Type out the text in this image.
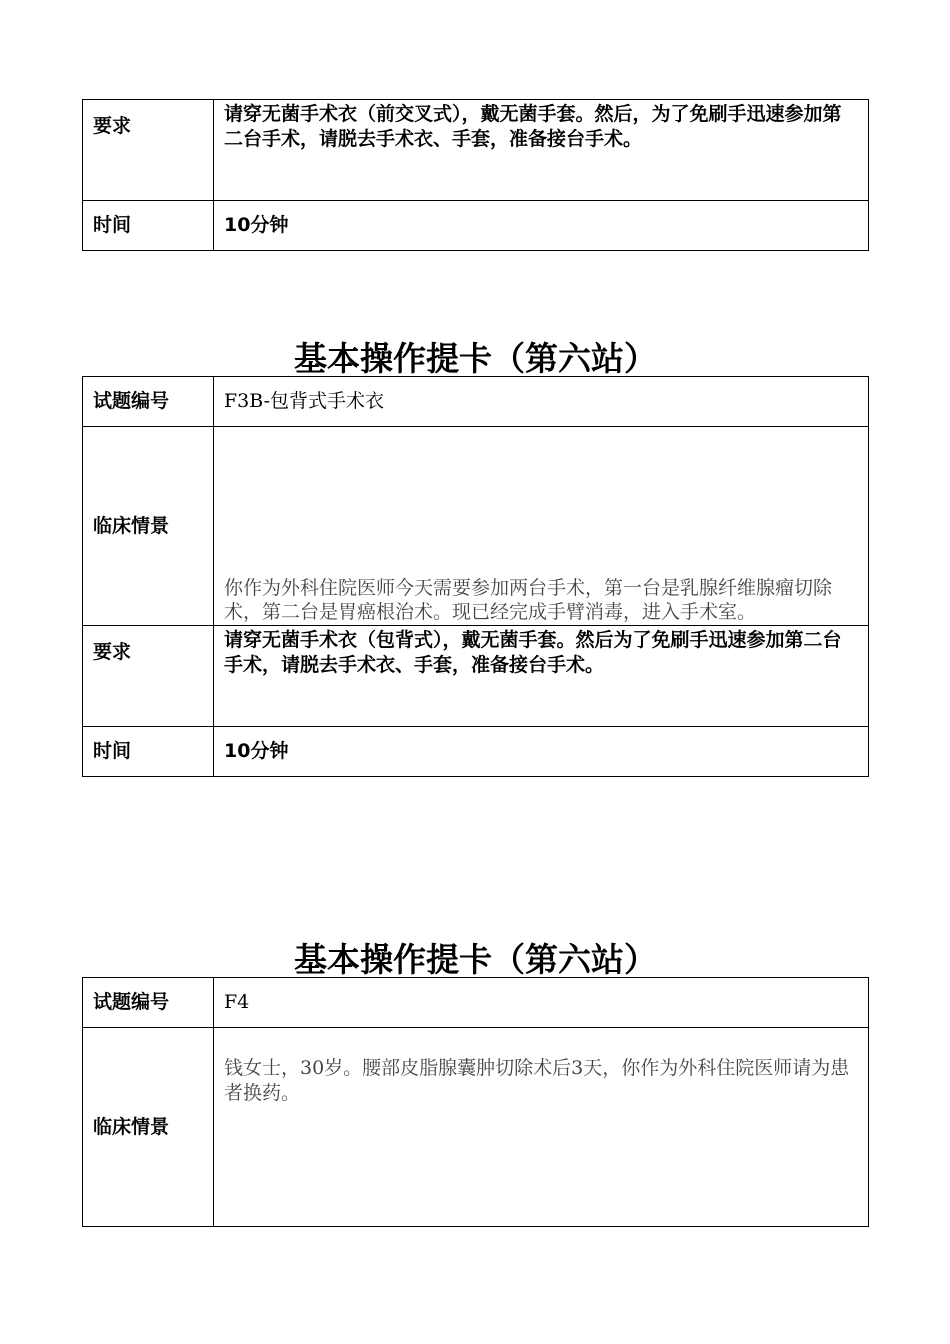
要求	请穿无菌手术衣（前交叉式），戴无菌手套。然后，为了免刷手迅速参加第二台手术，请脱去手术衣、手套，准备接台手术。
时间	10分钟
基本操作提卡（第六站）
试题编号	F3B-包背式手术衣
临床情景	你作为外科住院医师今天需要参加两台手术，第一台是乳腺纤维腺瘤切除术，第二台是胃癌根治术。现已经完成手臂消毒，进入手术室。
要求	请穿无菌手术衣（包背式），戴无菌手套。然后为了免刷手迅速参加第二台手术，请脱去手术衣、手套，准备接台手术。
时间	10分钟
基本操作提卡（第六站）
试题编号	F4
临床情景	钱女士，30岁。腰部皮脂腺囊肿切除术后3天，你作为外科住院医师请为患者换药。
